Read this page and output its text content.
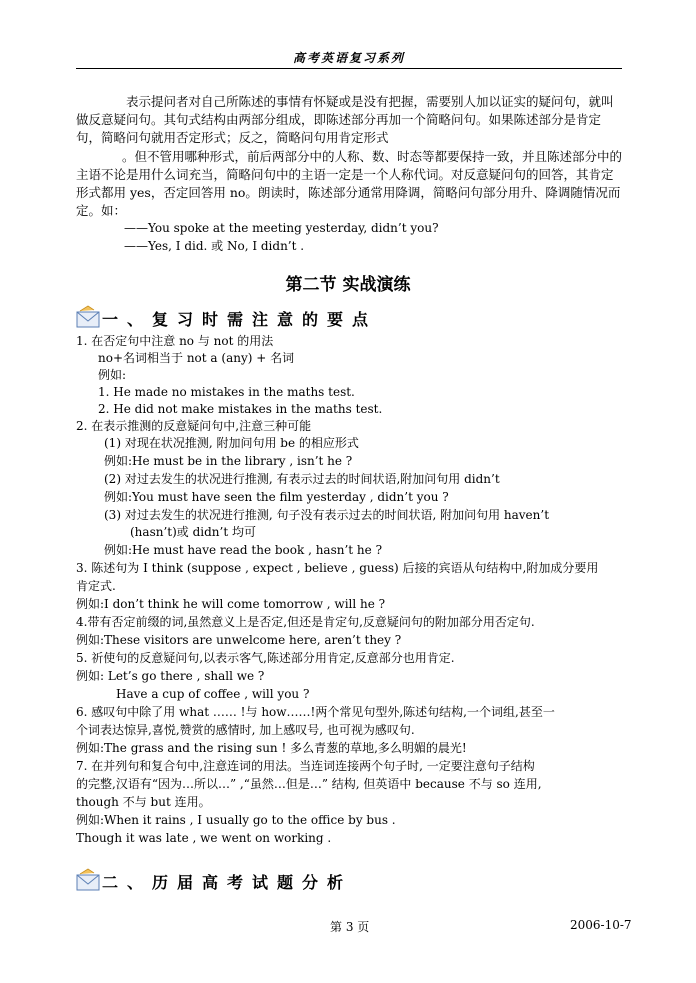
高考英语复习系列
表示提问者对自己所陈述的事情有怀疑或是没有把握，需要别人加以证实的疑问句，就叫做反意疑问句。其句式结构由两部分组成，即陈述部分再加一个简略问句。如果陈述部分是肯定句，简略问句就用否定形式；反之，简略问句用肯定形式
。但不管用哪种形式，前后两部分中的人称、数、时态等都要保持一致，并且陈述部分中的主语不论是用什么词充当，简略问句中的主语一定是一个人称代词。对反意疑问句的回答，其肯定形式都用 yes，否定回答用 no。朗读时，陈述部分通常用降调，简略问句部分用升、降调随情况而定。如：
——You spoke at the meeting yesterday, didn’t you?
——Yes, I did. 或 No, I didn’t .
第二节 实战演练
一、复习时需注意的要点
1. 在否定句中注意 no 与 not 的用法
no+名词相当于 not a (any) + 名词
例如:
1. He made no mistakes in the maths test.
2. He did not make mistakes in the maths test.
2. 在表示推测的反意疑问句中,注意三种可能
(1) 对现在状况推测, 附加问句用 be 的相应形式
例如:He must be in the library , isn’t he ?
(2) 对过去发生的状况进行推测, 有表示过去的时间状语,附加问句用 didn’t
例如:You must have seen the film yesterday , didn’t you ?
(3) 对过去发生的状况进行推测, 句子没有表示过去的时间状语, 附加问句用 haven’t
(hasn’t)或 didn’t 均可
例如:He must have read the book , hasn’t he ?
3. 陈述句为 I think (suppose , expect , believe , guess) 后接的宾语从句结构中,附加成分要用
肯定式.
例如:I don’t think he will come tomorrow , will he ?
4.带有否定前缀的词,虽然意义上是否定,但还是肯定句,反意疑问句的附加部分用否定句.
例如:These visitors are unwelcome here, aren’t they ?
5. 祈使句的反意疑问句,以表示客气,陈述部分用肯定,反意部分也用肯定.
例如: Let’s go there , shall we ?
Have a cup of coffee , will you ?
6. 感叹句中除了用 what …… !与 how……!两个常见句型外,陈述句结构,一个词组,甚至一
个词表达惊异,喜悦,赞赏的感情时, 加上感叹号, 也可视为感叹句.
例如:The grass and the rising sun ! 多么青葱的草地,多么明媚的晨光!
7. 在并列句和复合句中,注意连词的用法。当连词连接两个句子时, 一定要注意句子结构
的完整,汉语有“因为…所以…” ,“虽然…但是…” 结构, 但英语中 because 不与 so 连用,
though 不与 but 连用。
例如:When it rains , I usually go to the office by bus .
Though it was late , we went on working .
二、历届高考试题分析
第 3 页	2006-10-7
